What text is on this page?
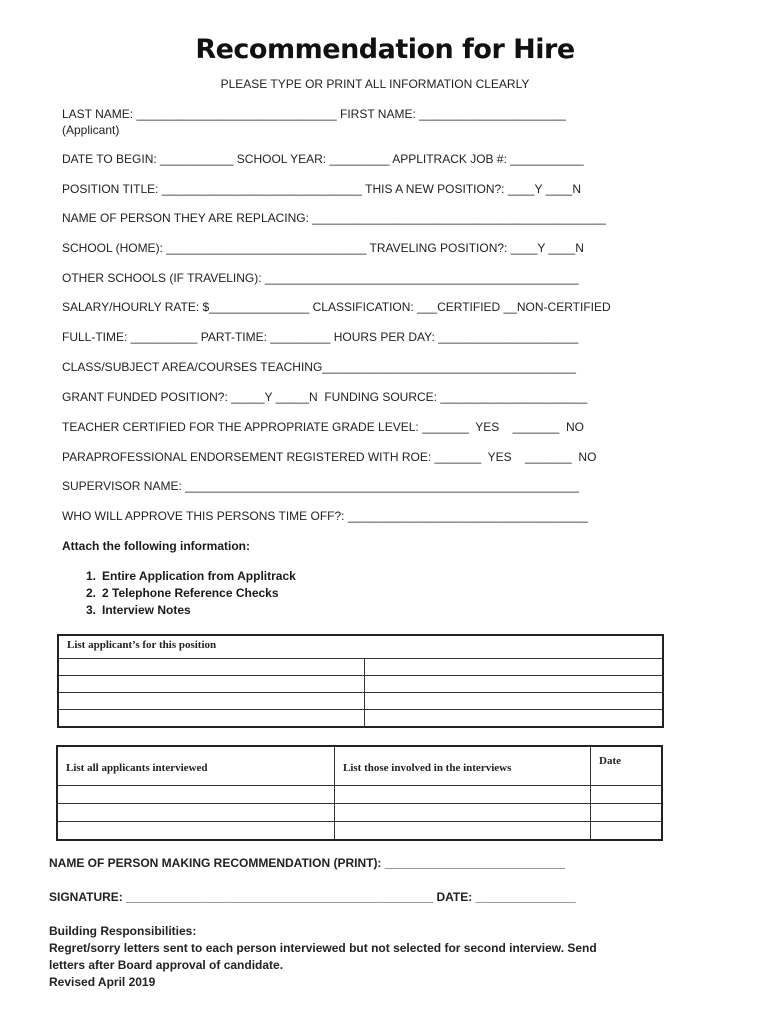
Recommendation for Hire
PLEASE TYPE OR PRINT ALL INFORMATION CLEARLY
LAST NAME: ______________________________ FIRST NAME: ______________________
(Applicant)
DATE TO BEGIN: ___________ SCHOOL YEAR: _________ APPLITRACK JOB #: ___________
POSITION TITLE: ______________________________ THIS A NEW POSITION?: ____Y ____N
NAME OF PERSON THEY ARE REPLACING: ____________________________________________
SCHOOL (HOME): ______________________________ TRAVELING POSITION?: ____Y ____N
OTHER SCHOOLS (IF TRAVELING): _______________________________________________
SALARY/HOURLY RATE: $_______________ CLASSIFICATION: ___CERTIFIED __NON-CERTIFIED
FULL-TIME: __________ PART-TIME: _________ HOURS PER DAY: _____________________
CLASS/SUBJECT AREA/COURSES TEACHING______________________________________
GRANT FUNDED POSITION?: _____Y _____N  FUNDING SOURCE: ______________________
TEACHER CERTIFIED FOR THE APPROPRIATE GRADE LEVEL: _______  YES    _______  NO
PARAPROFESSIONAL ENDORSEMENT REGISTERED WITH ROE: _______  YES    _______  NO
SUPERVISOR NAME: ___________________________________________________________
WHO WILL APPROVE THIS PERSONS TIME OFF?: ____________________________________
Attach the following information:
1. Entire Application from Applitrack
2. 2 Telephone Reference Checks
3. Interview Notes
List applicant’s for this position	

List all applicants interviewed	List those involved in the interviews	Date

NAME OF PERSON MAKING RECOMMENDATION (PRINT): ___________________________
SIGNATURE: ______________________________________________ DATE: _______________
Building Responsibilities:
Regret/sorry letters sent to each person interviewed but not selected for second interview. Send
letters after Board approval of candidate.
Revised April 2019
